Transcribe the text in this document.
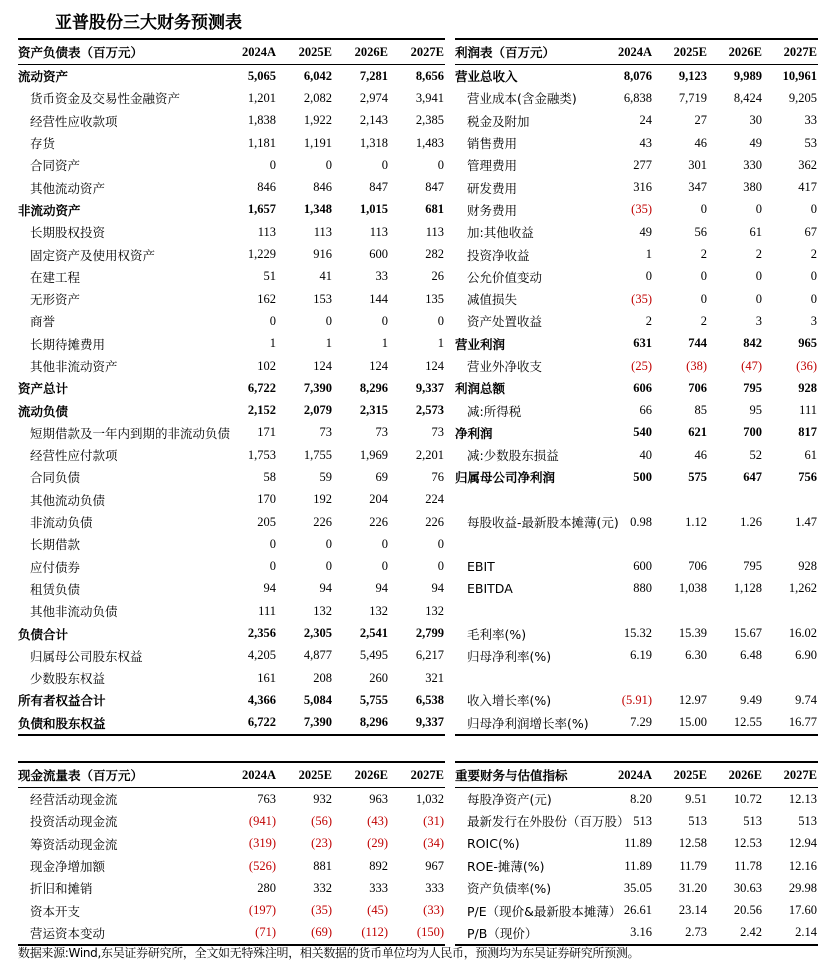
亚普股份三大财务预测表
资产负债表（百万元）	2024A	2025E	2026E	2027E
流动资产	5,065	6,042	7,281	8,656
货币资金及交易性金融资产	1,201	2,082	2,974	3,941
经营性应收款项	1,838	1,922	2,143	2,385
存货	1,181	1,191	1,318	1,483
合同资产	0	0	0	0
其他流动资产	846	846	847	847
非流动资产	1,657	1,348	1,015	681
长期股权投资	113	113	113	113
固定资产及使用权资产	1,229	916	600	282
在建工程	51	41	33	26
无形资产	162	153	144	135
商誉	0	0	0	0
长期待摊费用	1	1	1	1
其他非流动资产	102	124	124	124
资产总计	6,722	7,390	8,296	9,337
流动负债	2,152	2,079	2,315	2,573
短期借款及一年内到期的非流动负债	171	73	73	73
经营性应付款项	1,753	1,755	1,969	2,201
合同负债	58	59	69	76
其他流动负债	170	192	204	224
非流动负债	205	226	226	226
长期借款	0	0	0	0
应付债券	0	0	0	0
租赁负债	94	94	94	94
其他非流动负债	111	132	132	132
负债合计	2,356	2,305	2,541	2,799
归属母公司股东权益	4,205	4,877	5,495	6,217
少数股东权益	161	208	260	321
所有者权益合计	4,366	5,084	5,755	6,538
负债和股东权益	6,722	7,390	8,296	9,337
利润表（百万元）	2024A	2025E	2026E	2027E
营业总收入	8,076	9,123	9,989	10,961
营业成本(含金融类)	6,838	7,719	8,424	9,205
税金及附加	24	27	30	33
销售费用	43	46	49	53
管理费用	277	301	330	362
研发费用	316	347	380	417
财务费用	(35)	0	0	0
加:其他收益	49	56	61	67
投资净收益	1	2	2	2
公允价值变动	0	0	0	0
减值损失	(35)	0	0	0
资产处置收益	2	2	3	3
营业利润	631	744	842	965
营业外净收支	(25)	(38)	(47)	(36)
利润总额	606	706	795	928
减:所得税	66	85	95	111
净利润	540	621	700	817
减:少数股东损益	40	46	52	61
归属母公司净利润	500	575	647	756

每股收益-最新股本摊薄(元)	0.98	1.12	1.26	1.47

EBIT	600	706	795	928
EBITDA	880	1,038	1,128	1,262

毛利率(%)	15.32	15.39	15.67	16.02
归母净利率(%)	6.19	6.30	6.48	6.90

收入增长率(%)	(5.91)	12.97	9.49	9.74
归母净利润增长率(%)	7.29	15.00	12.55	16.77
现金流量表（百万元）	2024A	2025E	2026E	2027E
经营活动现金流	763	932	963	1,032
投资活动现金流	(941)	(56)	(43)	(31)
筹资活动现金流	(319)	(23)	(29)	(34)
现金净增加额	(526)	881	892	967
折旧和摊销	280	332	333	333
资本开支	(197)	(35)	(45)	(33)
营运资本变动	(71)	(69)	(112)	(150)
重要财务与估值指标	2024A	2025E	2026E	2027E
每股净资产(元)	8.20	9.51	10.72	12.13
最新发行在外股份（百万股）	513	513	513	513
ROIC(%)	11.89	12.58	12.53	12.94
ROE-摊薄(%)	11.89	11.79	11.78	12.16
资产负债率(%)	35.05	31.20	30.63	29.98
P/E（现价&最新股本摊薄）	26.61	23.14	20.56	17.60
P/B（现价）	3.16	2.73	2.42	2.14
数据来源:Wind,东吴证券研究所，全文如无特殊注明，相关数据的货币单位均为人民币，预测均为东吴证券研究所预测。
